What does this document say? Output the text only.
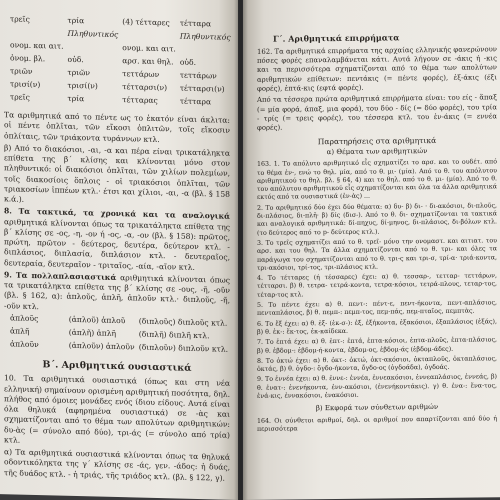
τρεῖς	τρία	(4) τέτταρες	τέτταρα
	Πληθυντικός		Πληθυντικός
ονομ. και αιτ.		ονομ. και αιτ.	
ὀνομ. βλ.	οὐδ.	αρσ. και θηλ.	οὐδ.
τριῶν	τριῶν	τεττάρων	τεττάρων
τρισί(ν)	τρισί(ν)	τέτταρσι(ν)	τέτταρσι(ν)
τρεῖς	τρία	τέτταρας	τέτταρα

Τα αριθμητικά από το πέντε ως το ἑκατόν είναι άκλιτα: οἱ πέντε ὁπλῖται, τῶν εἴκοσι ὁπλιτῶν, τοῖς εἴκοσιν ὁπλίταις, τῶν τριάκοντα τυράννων κτλ.

β) Από το διακόσιοι, -αι, -α και πέρα είναι τρικατάληκτα επίθετα της β΄ κλίσης και κλίνονται μόνο στον πληθυντικό: οἱ διακόσιοι ὁπλῖται, τῶν χιλίων πολεμίων, τοῖς διακοσίοις ὅπλοις - οἱ τριακόσιοι ὁπλῖται, τῶν τριακοσίων ἱππέων κτλ.· έτσι και χίλιοι, -αι, -α (βλ. § 158 κ.ά.).

8. Τα τακτικά, τα χρονικά και τα αναλογικά αριθμητικά κλίνονται όπως τα τρικατάληκτα επίθετα της β΄ κλίσης σε -ος, -η, -ον ή -ος, -α, -ον (βλ. § 158): πρῶτος, πρώτη, πρῶτον - δεύτερος, δευτέρα, δεύτερον κτλ. - διπλάσιος, διπλασία, διπλάσιον κτλ. - δευτεραῖος, δευτεραία, δευτεραῖον - τριταῖος, -αία, -αῖον κτλ.

9. Τα πολλαπλασιαστικά αριθμητικά κλίνονται όπως τα τρικατάληκτα επίθετα της β΄ κλίσης σε -ους, -ῆ, -οῦν (βλ. § 162, α): ἁπλοῦς, ἁπλῆ, ἁπλοῦν κτλ.· διπλοῦς, -ῆ, -οῦν κτλ.

ἁπλοῦς	(ἁπλοῦ) ἁπλοῦ	(διπλοῦς) διπλοῦς κτλ.
ἁπλῆ	(ἁπλῆ) ἁπλῆ	(διπλῆ) διπλῆ κτλ.
ἁπλοῦν	(ἁπλοῦν) ἁπλοῦν	(διπλοῦν) διπλοῦν κτλ.
Β΄. Αριθμητικά ουσιαστικά

10. Τα αριθμητικά ουσιαστικά (όπως και στη νέα ελληνική) σημαίνουν ορισμένη αριθμητική ποσότητα, δηλ. πλήθος από όμοιες μονάδες ενός ίδιου είδους. Αυτά είναι όλα θηλυκά (αφηρημένα ουσιαστικά) σε -ὰς και σχηματίζονται από το θέμα των απολύτων αριθμητικών: δυ-ὰς (= σύνολο από δύο), τρι-άς (= σύνολο από τρία) κτλ.

α) Τα αριθμητικά ουσιαστικά κλίνονται όπως τα θηλυκά οδοντικόληκτα της γ΄ κλίσης σε -άς, γεν. -άδος: ἡ δυάς, τῆς δυάδος κτλ. - ἡ τριάς, τῆς τριάδος κτλ. (βλ. § 122, γ).

Γ΄. Αριθμητικά επιρρήματα

162. Τα αριθμητικά επιρρήματα της αρχαίας ελληνικής φανερώνουν πόσες φορές επαναλαμβάνεται κάτι. Αυτά λήγουν σε -άκις ή -κις και τα περισσότερα σχηματίζονται από το θέμα των απολύτων αριθμητικών επίθετων: πεντάκις (= πέντε φορές), ἑξ-άκις (έξι φορές), ἑπτά-κις (εφτά φορές).

Από τα τέσσερα πρώτα αριθμητικά επιρρήματα είναι: του είς - ἅπαξ (= μία φορά, άπαξ, μια φορά), του δύο - δίς (= δύο φορές), του τρία - τρίς (= τρεις φορές), του τέσσερα κτλ. του ἐν-άκις (= εννέα φορές).

Παρατηρήσεις στα αριθμητικά
α) Θέματα των αριθμητικών

163. 1. Το απόλυτο αριθμητικό εἷς σχηματίζει το αρσ. και το ουδέτ. από το θέμα ἑν-, ενώ το θηλ. μία, από το θ. μι- (μία). Από το θ. του απόλυτου αριθμητικού το θηλ. βλ. § 64, 4) και το θηλ. από το θ. μι- (μία). Από το θ. του απόλυτου αριθμητικού εἷς σχηματίζονται και όλα τα άλλα αριθμητικά εκτός από τα ουσιαστικά (ἑν-ὰς) ...

2. Το αριθμητικό δύο έχει δύο θέματα: α) δυ- β) δι- · δι-ακόσιοι, δι-πλοῦς, δι-πλάσιος, δι-πλῆ· β) δίς (δισ-). Από το θ. δι- σχηματίζονται τα τακτικά και αναλογικά αριθμητικά: δί-πηχυς, δί-μηνος, δι-πλάσιος, δι-βόλων κτλ. (το δεύτερος από το p- δεύτερος κτλ.).

3. Το τρεῖς σχηματίζει από το θ. τρεῖ- μόνο την ονομαστ. και αιτιατ. του αρσ. και του θηλ. Τα άλλα σχηματίζονται από το θ. τρι- και όλες τα παράγωγα του σχηματίζονται από το θ. τρι-ς και τρι-σ, τρί-α· τριά-κοντα, τρι-ακόσιοι, τρί-τος, τρι-πλάσιος κτλ.

4. Το τέτταρες (ή τέσσαρες) έχει: α) θ. τεσσαρ-, τετταρ- τεττάρων, τέτταρσι. β) θ. τετρα- τετρά-κοντα, τετρα-κόσιοι, τετρά-πλους, τεταρ-τος, τέταρ-τος κτλ.

5. Το πέντε έχει: α) θ. πεντ-: πέντ-ε, πεντ-ήκοντα, πεντ-απλάσιος, πενταπλάσιος, β) θ. πεμπ-: πεμπ-τος, πεμ-πάς, πεμ-πταῖος, πεμπτὰς.

6. Το ἕξ έχει: α) θ. ἑξ- (ἑκ-σ-): ἑξ, ἑξήκοντα, ἑξακόσιοι, ἑξαπλάσιος (ἑξάς), β) θ. ἑκ-: ἕκ-τος, ἑκ-καίδεκα.

7. Το ἑπτά έχει: α) θ. ἑπτ-: ἑπτά, ἑπτα-κόσιοι, ἑπτα-πλοῦς, ἑπτα-πλάσιος, β) θ. ἑβδομ-: ἑβδομ-ή-κοντα, ἑβδομ-ος, ἑβδομ-άς (ἑβδομ-άδες).

8. Το ὀκτώ έχει: α) θ. ὀκτ-: ὀκτώ, ὀκτ-ακόσιοι, ὀκταπλοῦς, ὀκταπλάσιος, ὀκτάς, β) θ. ὀγδο-: ὄγδο-ήκοντα, ὄγδο-ος (ὀγδοάδα), ὀγδοάς.

9. Το ἐννέα έχει: α) θ. ἐννε-: ἐννέα, ἐννεακόσιοι, ἐννεαπλάσιος, ἐννεάς, β) θ. ἐνατ-: ἐνενήκοντα, ἐνν-ακόσιοι, (ἐνενήκοντάκις). γ) θ. ἐνα-: ἔνα-τος, ἐνά-κις, ἐννακόσιοι, ἐνακόσιοι.

β) Εκφορά των σύνθετων αριθμών

164. Οι σύνθετοι αριθμοί, δηλ. οι αριθμοί που απαρτίζονται από δύο ή περισσότερα
